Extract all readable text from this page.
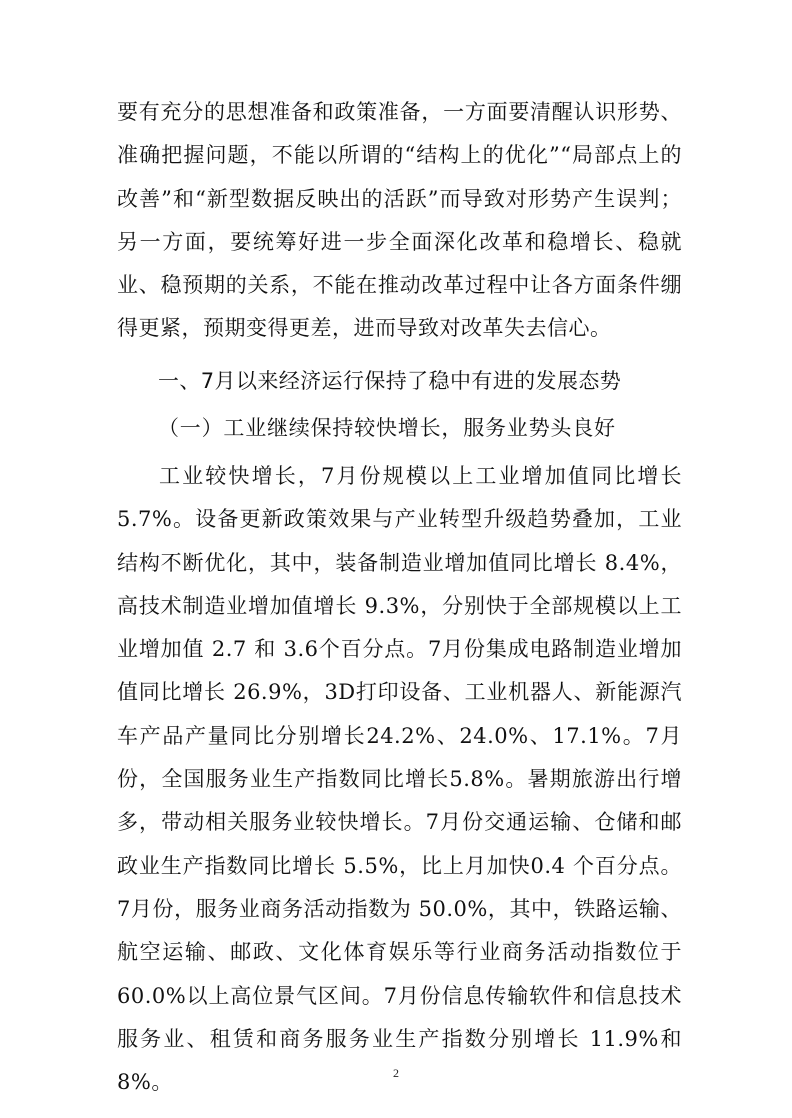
要有充分的思想准备和政策准备，一方面要清醒认识形势、准确把握问题，不能以所谓的“结构上的优化”“局部点上的改善”和“新型数据反映出的活跃”而导致对形势产生误判；另一方面，要统筹好进一步全面深化改革和稳增长、稳就业、稳预期的关系，不能在推动改革过程中让各方面条件绷得更紧，预期变得更差，进而导致对改革失去信心。

一、7月以来经济运行保持了稳中有进的发展态势
（一）工业继续保持较快增长，服务业势头良好

工业较快增长，7月份规模以上工业增加值同比增长 5.7%。设备更新政策效果与产业转型升级趋势叠加，工业结构不断优化，其中，装备制造业增加值同比增长 8.4%，高技术制造业增加值增长 9.3%，分别快于全部规模以上工业增加值 2.7 和 3.6个百分点。7月份集成电路制造业增加值同比增长 26.9%，3D打印设备、工业机器人、新能源汽车产品产量同比分别增长24.2%、24.0%、17.1%。7月份，全国服务业生产指数同比增长5.8%。暑期旅游出行增多，带动相关服务业较快增长。7月份交通运输、仓储和邮政业生产指数同比增长 5.5%，比上月加快0.4 个百分点。7月份，服务业商务活动指数为 50.0%，其中，铁路运输、航空运输、邮政、文化体育娱乐等行业商务活动指数位于 60.0%以上高位景气区间。7月份信息传输软件和信息技术服务业、租赁和商务服务业生产指数分别增长 11.9%和 8%。	2
